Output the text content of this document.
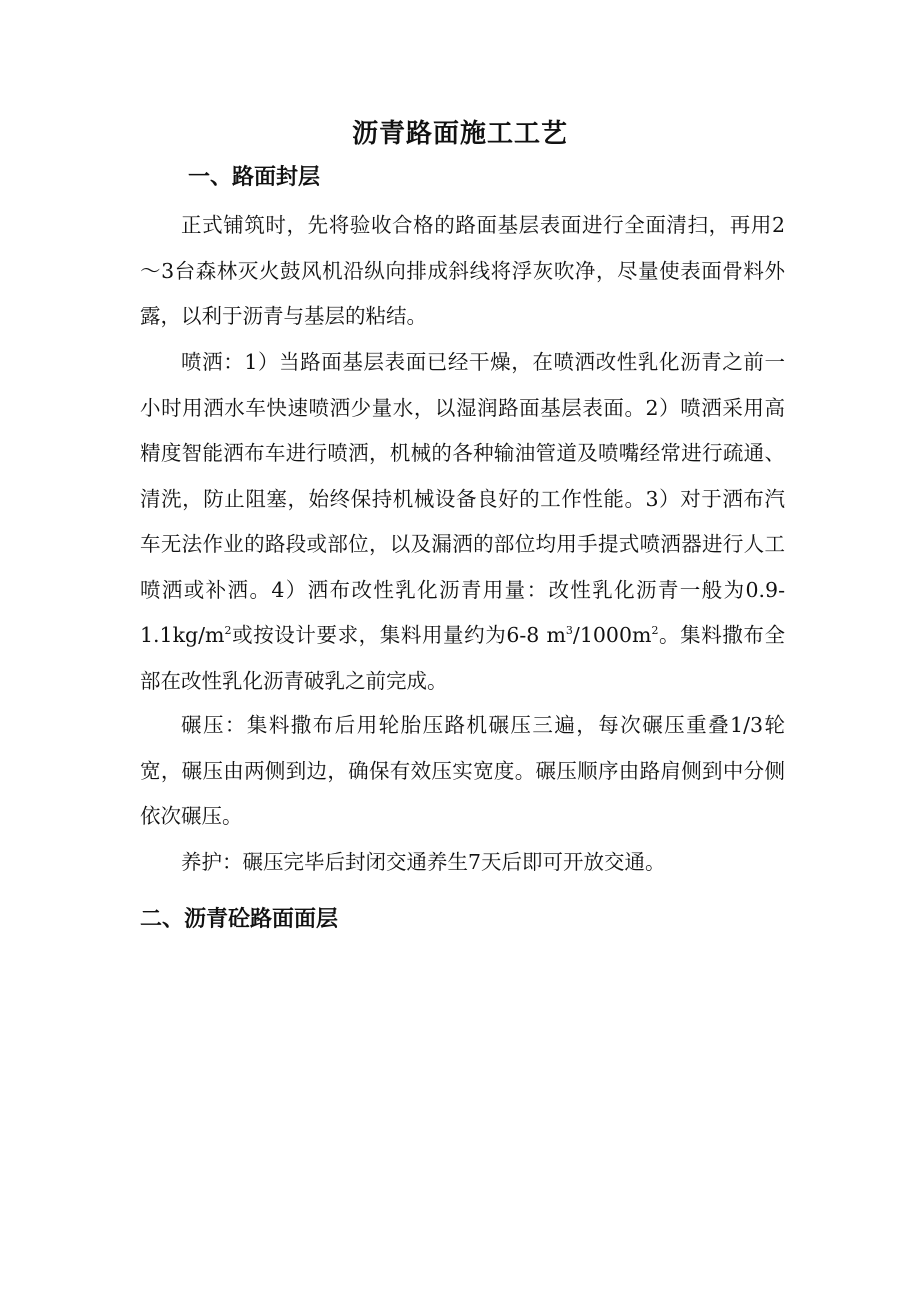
沥青路面施工工艺
一、路面封层

正式铺筑时，先将验收合格的路面基层表面进行全面清扫，再用2～3台森林灭火鼓风机沿纵向排成斜线将浮灰吹净，尽量使表面骨料外露，以利于沥青与基层的粘结。

喷洒：1）当路面基层表面已经干燥，在喷洒改性乳化沥青之前一小时用洒水车快速喷洒少量水，以湿润路面基层表面。2）喷洒采用高精度智能洒布车进行喷洒，机械的各种输油管道及喷嘴经常进行疏通、清洗，防止阻塞，始终保持机械设备良好的工作性能。3）对于洒布汽车无法作业的路段或部位，以及漏洒的部位均用手提式喷洒器进行人工喷洒或补洒。4）洒布改性乳化沥青用量：改性乳化沥青一般为$0.9-1.1kg/m^2$或按设计要求，集料用量约为6-8 $m^3/1000m^2$。集料撒布全部在改性乳化沥青破乳之前完成。

碾压：集料撒布后用轮胎压路机碾压三遍，每次碾压重叠1/3轮宽，碾压由两侧到边，确保有效压实宽度。碾压顺序由路肩侧到中分侧依次碾压。

养护：碾压完毕后封闭交通养生7天后即可开放交通。

二、沥青砼路面面层
